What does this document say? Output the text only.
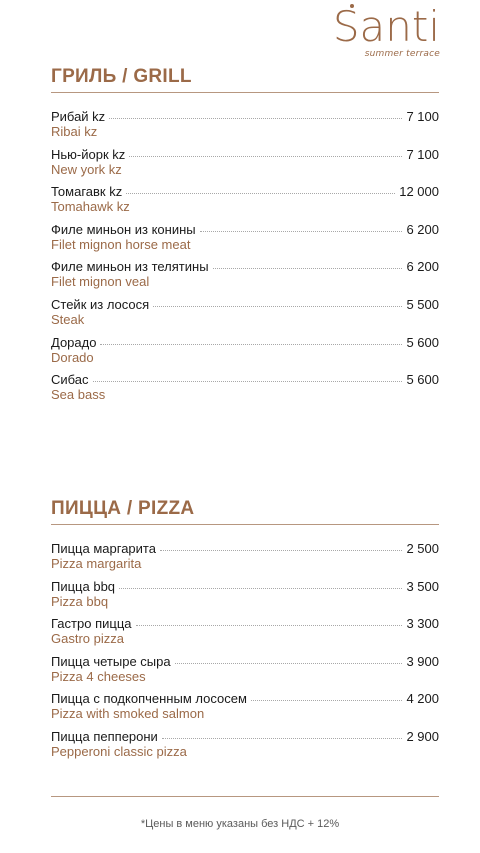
Santi
summer terrace
ГРИЛЬ / GRILL
Рибай kz	7 100
Ribai kz
Нью-йорк kz	7 100
New york kz
Томагавк kz	12 000
Tomahawk kz
Филе миньон из конины	6 200
Filet mignon horse meat
Филе миньон из телятины	6 200
Filet mignon veal
Стейк из лосося	5 500
Steak
Дорадо	5 600
Dorado
Сибас	5 600
Sea bass
ПИЦЦА / PIZZA
Пицца маргарита	2 500
Pizza margarita
Пицца bbq	3 500
Pizza bbq
Гастро пицца	3 300
Gastro pizza
Пицца четыре сыра	3 900
Pizza 4 cheeses
Пицца с подкопченным лососем	4 200
Pizza with smoked salmon
Пицца пепперони	2 900
Pepperoni classic pizza
*Цены в меню указаны без НДС + 12%
